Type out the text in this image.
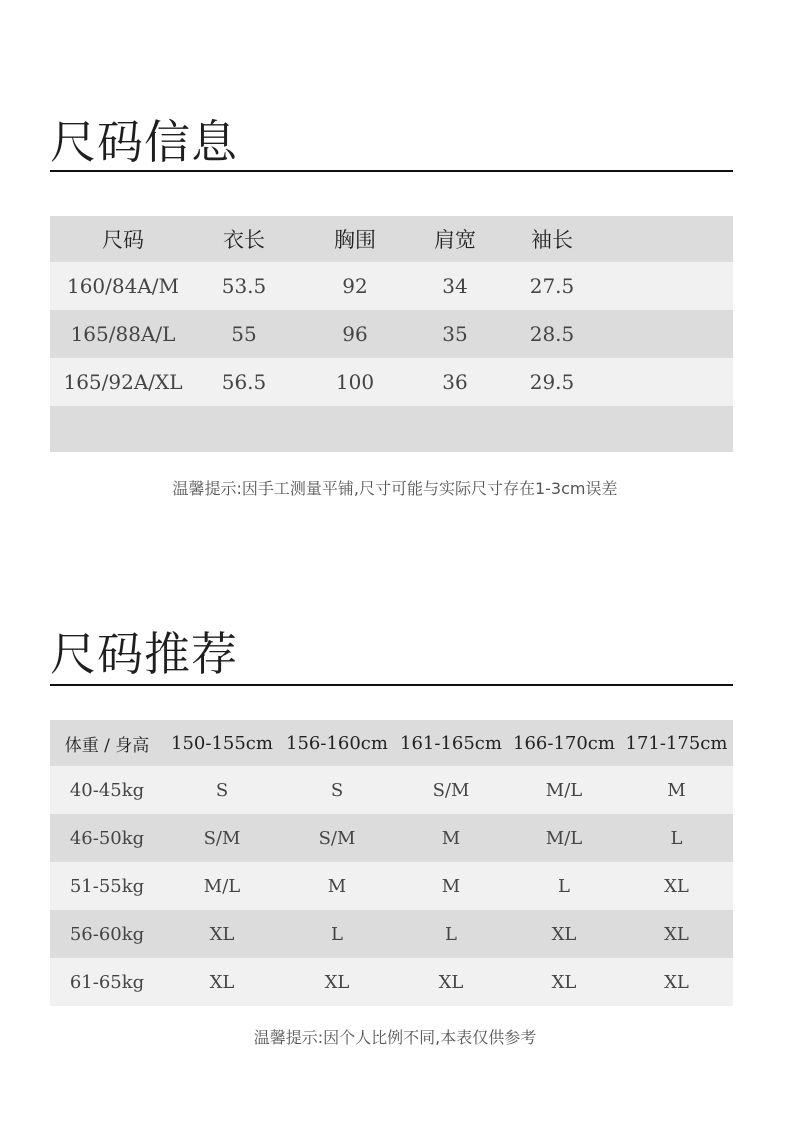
尺码信息
尺码	衣长	胸围	肩宽	袖长	
160/84A/M	53.5	92	34	27.5	
165/88A/L	55	96	35	28.5	
165/92A/XL	56.5	100	36	29.5	

温馨提示:因手工测量平铺,尺寸可能与实际尺寸存在1-3cm误差
尺码推荐
体重 / 身高	150-155cm	156-160cm	161-165cm	166-170cm	171-175cm
40-45kg	S	S	S/M	M/L	M
46-50kg	S/M	S/M	M	M/L	L
51-55kg	M/L	M	M	L	XL
56-60kg	XL	L	L	XL	XL
61-65kg	XL	XL	XL	XL	XL
温馨提示:因个人比例不同,本表仅供参考
